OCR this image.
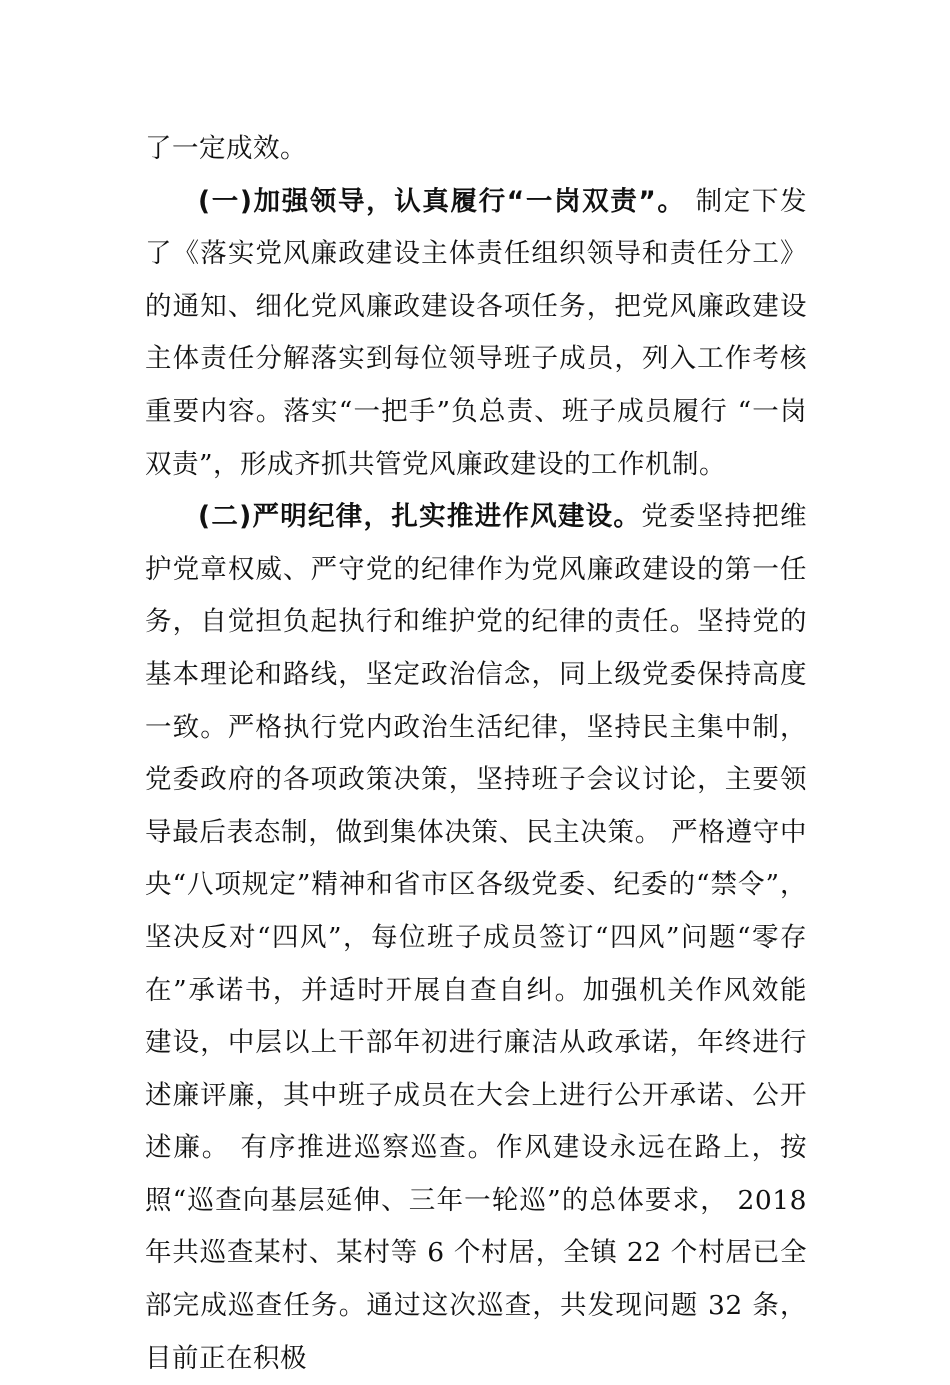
了一定成效。

(一)加强领导，认真履行“一岗双责”。 制定下发了《落实党风廉政建设主体责任组织领导和责任分工》的通知、细化党风廉政建设各项任务，把党风廉政建设主体责任分解落实到每位领导班子成员，列入工作考核重要内容。落实“一把手”负总责、班子成员履行 “一岗双责”，形成齐抓共管党风廉政建设的工作机制。

(二)严明纪律，扎实推进作风建设。党委坚持把维护党章权威、严守党的纪律作为党风廉政建设的第一任务，自觉担负起执行和维护党的纪律的责任。坚持党的基本理论和路线，坚定政治信念，同上级党委保持高度一致。严格执行党内政治生活纪律，坚持民主集中制，党委政府的各项政策决策，坚持班子会议讨论，主要领导最后表态制，做到集体决策、民主决策。 严格遵守中央“八项规定”精神和省市区各级党委、纪委的“禁令”， 坚决反对“四风”，每位班子成员签订“四风”问题“零存在”承诺书，并适时开展自查自纠。加强机关作风效能建设，中层以上干部年初进行廉洁从政承诺，年终进行述廉评廉，其中班子成员在大会上进行公开承诺、公开述廉。 有序推进巡察巡查。作风建设永远在路上，按照“巡查向基层延伸、三年一轮巡”的总体要求， 2018 年共巡查某村、某村等 6 个村居，全镇 22 个村居已全部完成巡查任务。通过这次巡查，共发现问题 32 条，目前正在积极
